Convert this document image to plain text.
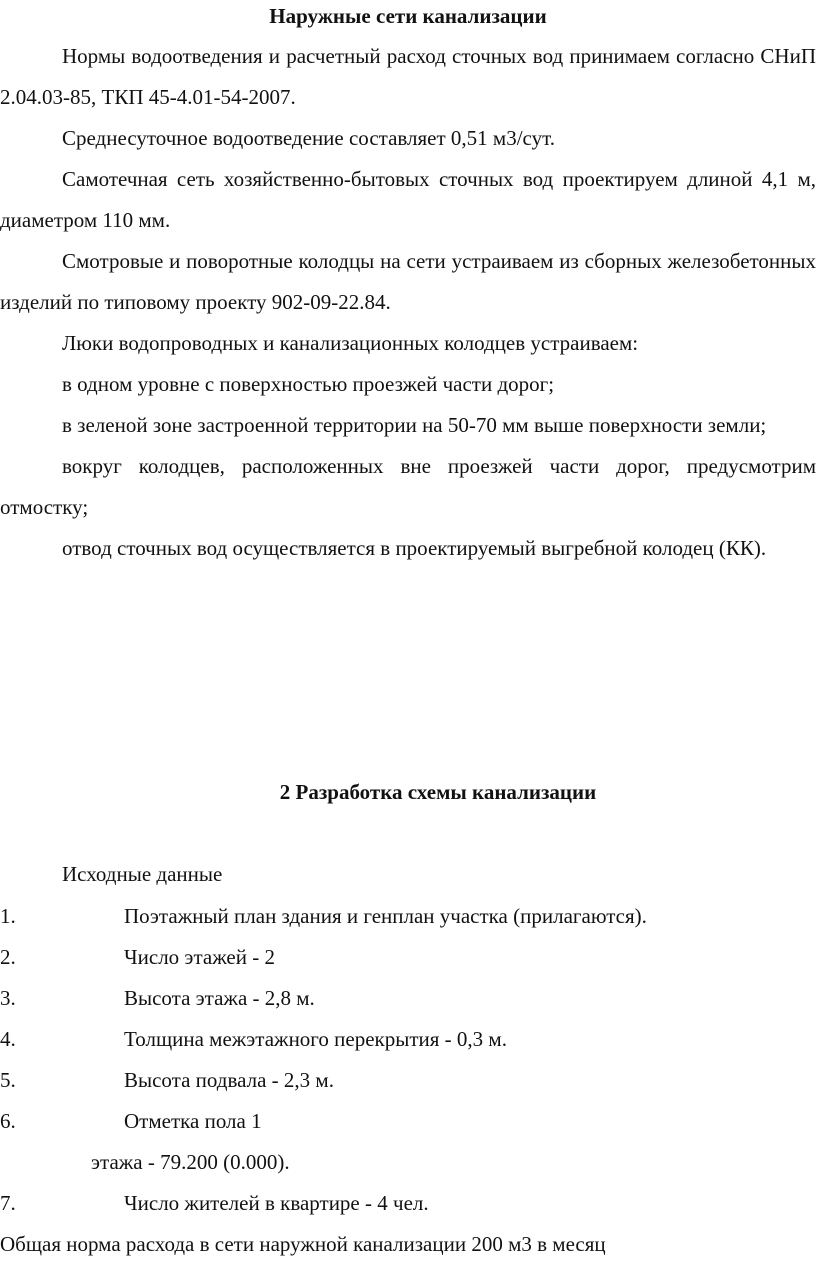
Наружные сети канализации

Нормы водоотведения и расчетный расход сточных вод принимаем согласно СНиП 2.04.03-85, ТКП 45-4.01-54-2007.

Среднесуточное водоотведение составляет 0,51 м3/сут.

Самотечная сеть хозяйственно-бытовых сточных вод проектируем длиной 4,1 м, диаметром 110 мм.

Смотровые и поворотные колодцы на сети устраиваем из сборных железобетонных изделий по типовому проекту 902-09-22.84.

Люки водопроводных и канализационных колодцев устраиваем:

в одном уровне с поверхностью проезжей части дорог;

в зеленой зоне застроенной территории на 50-70 мм выше поверхности земли;

вокруг колодцев, расположенных вне проезжей части дорог, предусмотрим отмостку;

отвод сточных вод осуществляется в проектируемый выгребной колодец (КК).

2 Разработка схемы канализации

Исходные данные

1.	Поэтажный план здания и генплан участка (прилагаются).
2.	Число этажей - 2
3.	Высота этажа - 2,8 м.
4.	Толщина межэтажного перекрытия - 0,3 м.
5.	Высота подвала - 2,3 м.
6.	Отметка пола 1
этажа - 79.200 (0.000).
7.	Число жителей в квартире - 4 чел.

Общая норма расхода в сети наружной канализации 200 м3 в месяц
